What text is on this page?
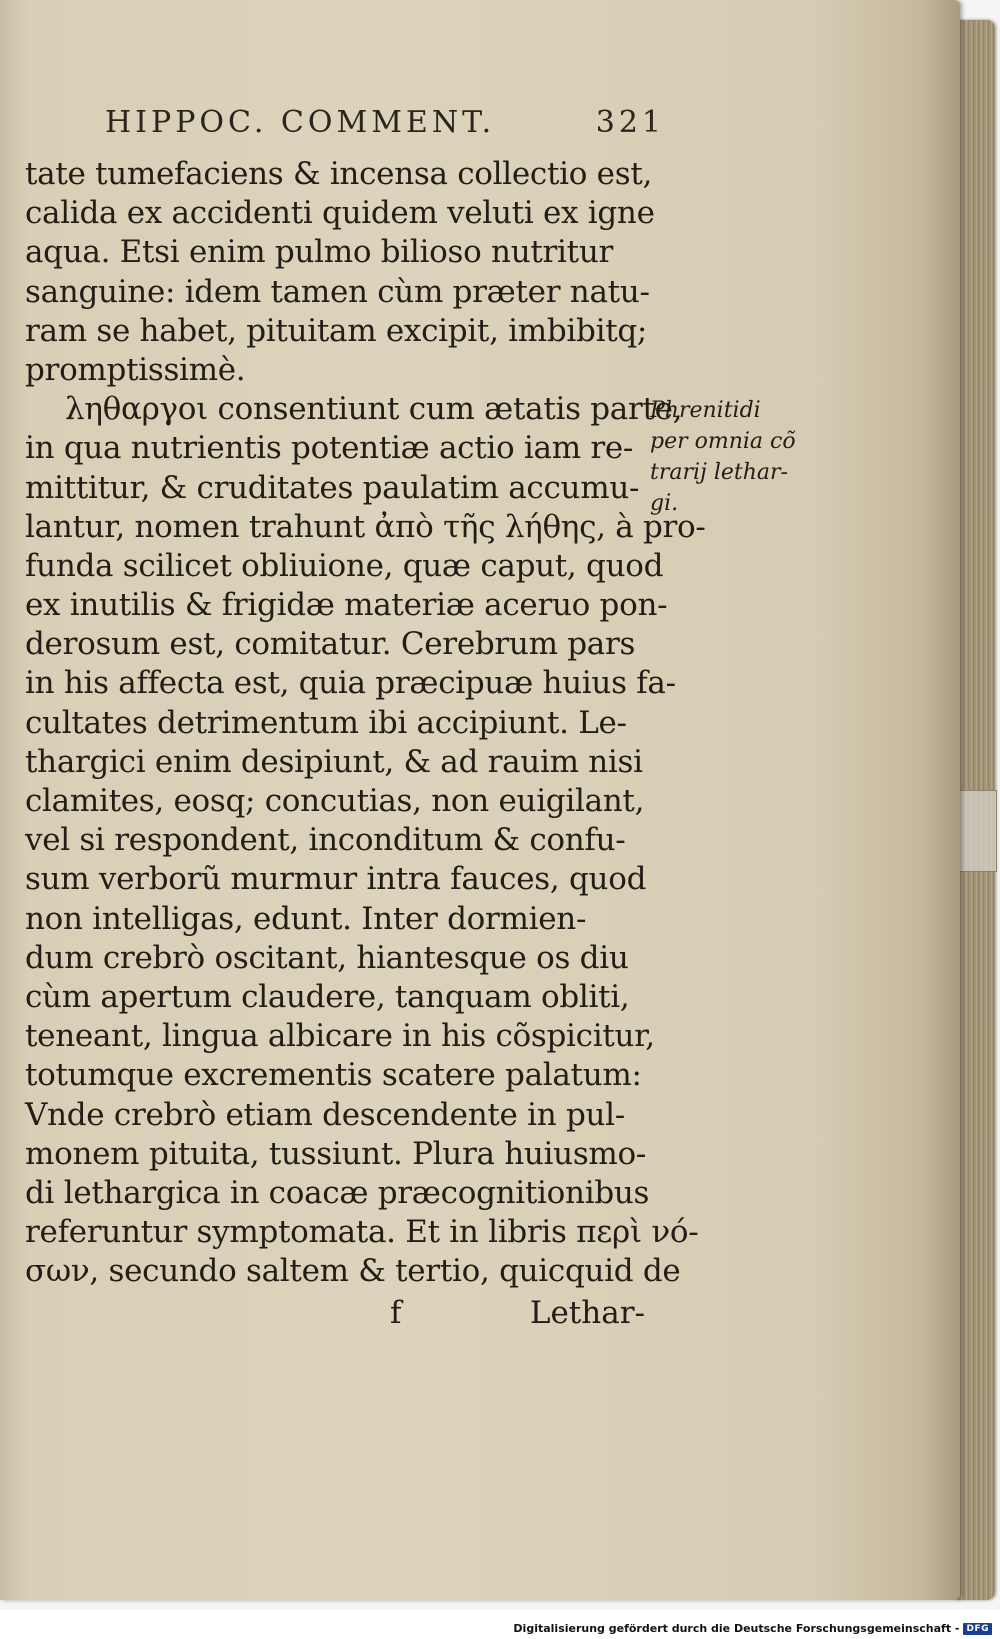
HIPPOC. COMMENT.	321
tate tumefaciens & incensa collectio est,
calida ex accidenti quidem veluti ex igne
aqua. Etsi enim pulmo bilioso nutritur
sanguine: idem tamen cùm præter natu-
ram se habet, pituitam excipit, imbibitq;
promptissimè.
ληθαργοι consentiunt cum ætatis parte,
in qua nutrientis potentiæ actio iam re-
mittitur, & cruditates paulatim accumu-
lantur, nomen trahunt ἀπὸ τῆς λήθης, à pro-
funda scilicet obliuione, quæ caput, quod
ex inutilis & frigidæ materiæ aceruo pon-
derosum est, comitatur. Cerebrum pars
in his affecta est, quia præcipuæ huius fa-
cultates detrimentum ibi accipiunt. Le-
thargici enim desipiunt, & ad rauim nisi
clamites, eosq; concutias, non euigilant,
vel si respondent, inconditum & confu-
sum verborũ murmur intra fauces, quod
non intelligas, edunt. Inter dormien-
dum crebrò oscitant, hiantesque os diu
cùm apertum claudere, tanquam obliti,
teneant, lingua albicare in his cõspicitur,
totumque excrementis scatere palatum:
Vnde crebrò etiam descendente in pul-
monem pituita, tussiunt. Plura huiusmo-
di lethargica in coacæ præcognitionibus
referuntur symptomata. Et in libris περὶ νό-
σων, secundo saltem & tertio, quicquid de
Phrenitidi
per omnia cõ
trarij lethar-
gi.
f	Lethar-
Digitalisierung gefördert durch die Deutsche Forschungsgemeinschaft - DFG
